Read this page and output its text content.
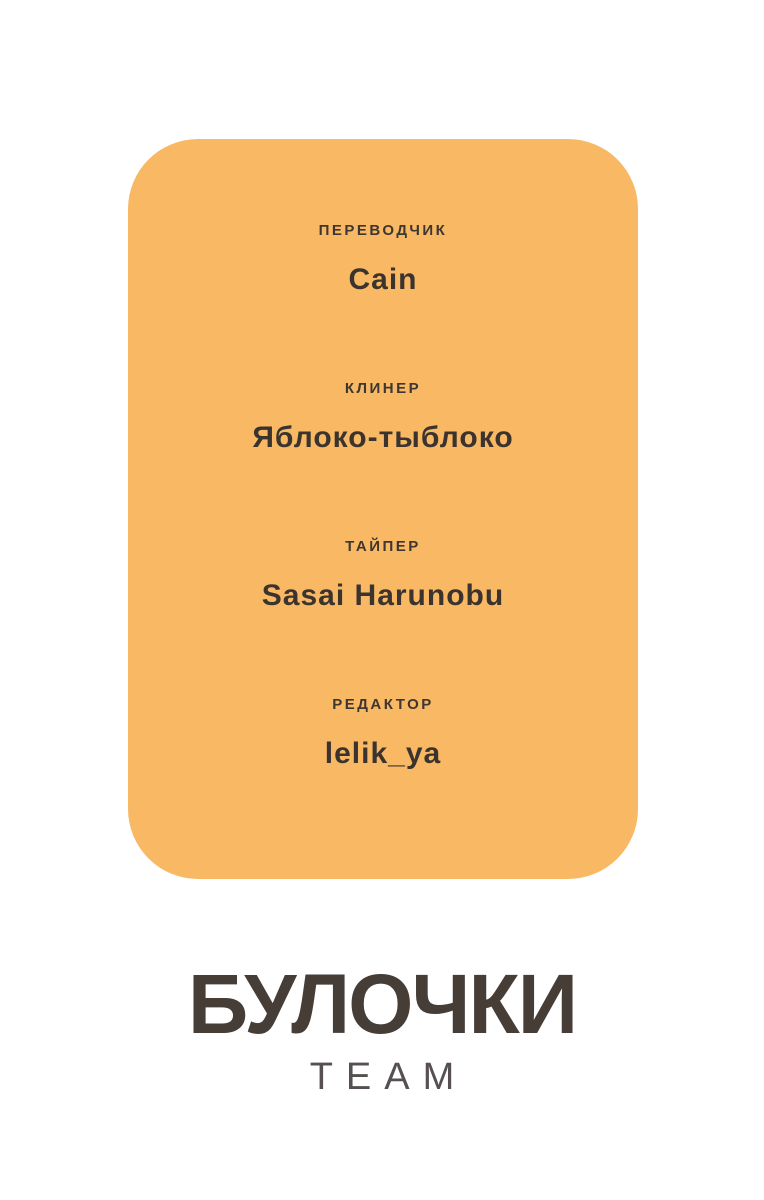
ПЕРЕВОДЧИК
Cain
КЛИНЕР
Яблоко-тыблоко
ТАЙПЕР
Sasai Harunobu
РЕДАКТОР
lelik_ya
БУЛОЧКИ
TEAM
